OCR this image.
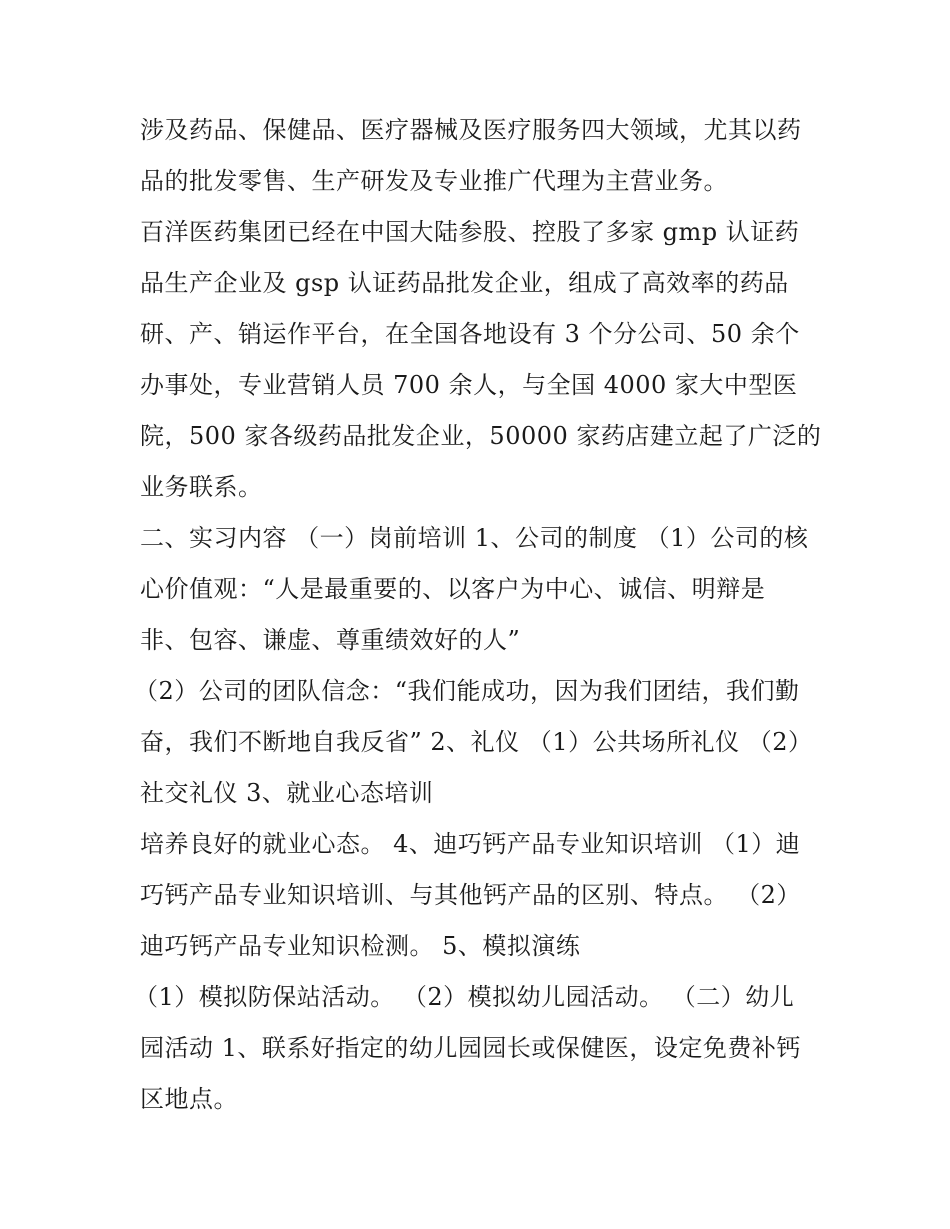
涉及药品、保健品、医疗器械及医疗服务四大领域，尤其以药
品的批发零售、生产研发及专业推广代理为主营业务。
百洋医药集团已经在中国大陆参股、控股了多家 gmp 认证药
品生产企业及 gsp 认证药品批发企业，组成了高效率的药品
研、产、销运作平台，在全国各地设有 3 个分公司、50 余个
办事处，专业营销人员 700 余人，与全国 4000 家大中型医
院，500 家各级药品批发企业，50000 家药店建立起了广泛的
业务联系。
二、实习内容 （一）岗前培训 1、公司的制度 （1）公司的核
心价值观：“人是最重要的、以客户为中心、诚信、明辩是
非、包容、谦虚、尊重绩效好的人”
（2）公司的团队信念：“我们能成功，因为我们团结，我们勤
奋，我们不断地自我反省” 2、礼仪 （1）公共场所礼仪 （2）
社交礼仪 3、就业心态培训
培养良好的就业心态。 4、迪巧钙产品专业知识培训 （1）迪
巧钙产品专业知识培训、与其他钙产品的区别、特点。 （2）
迪巧钙产品专业知识检测。 5、模拟演练
（1）模拟防保站活动。 （2）模拟幼儿园活动。 （二）幼儿
园活动 1、联系好指定的幼儿园园长或保健医，设定免费补钙
区地点。
